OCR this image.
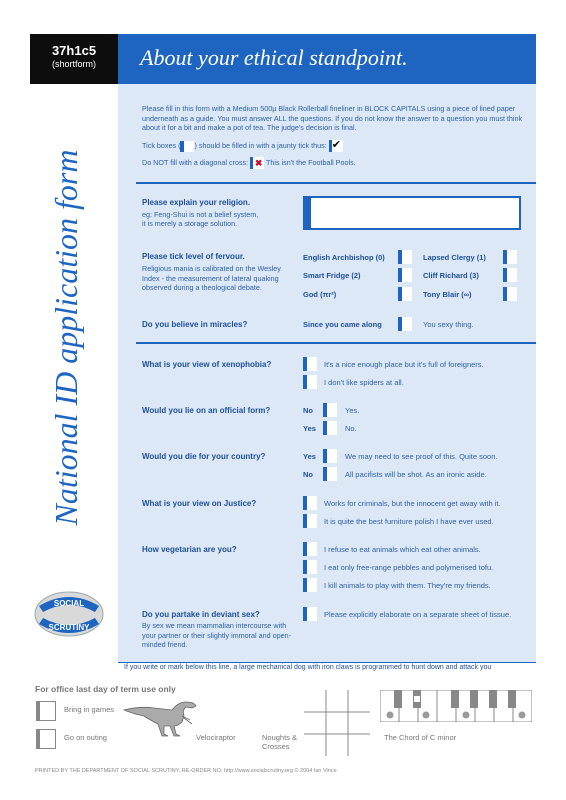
37h1c5
(shortform)	About your ethical standpoint.
National ID application form
SOCIAL
SCRUTINY
Please fill in this form with a Medium 500µ Black Rollerball fineliner in BLOCK CAPITALS using a piece of lined paper underneath as a guide. You must answer ALL the questions. If you do not know the answer to a question you must think about it for a bit and make a pot of tea. The judge's decision is final.
Tick boxes ( ) should be filled in with a jaunty tick thus: ✔
Do NOT fill with a diagonal cross: ✖ This isn't the Football Pools.
Please explain your religion.
eg: Feng-Shui is not a belief system,
it is merely a storage solution.
Please tick level of fervour.
Religious mania is calibrated on the Wesley Index - the measurement of lateral quaking observed during a theological debate.
English Archbishop (0)	Lapsed Clergy (1)
Smart Fridge (2)	Cliff Richard (3)
God (πr²)	Tony Blair (∞)
Do you believe in miracles?	Since you came along	You sexy thing.
What is your view of xenophobia?	It's a nice enough place but it's full of foreigners.
I don't like spiders at all.
Would you lie on an official form?	No	Yes.
Yes	No.
Would you die for your country?	Yes	We may need to see proof of this. Quite soon.
No	All pacifists will be shot. As an ironic aside.
What is your view on Justice?	Works for criminals, but the innocent get away with it.
It is quite the best furniture polish I have ever used.
How vegetarian are you?	I refuse to eat animals which eat other animals.
I eat only free-range pebbles and polymerised tofu.
I kill animals to play with them. They're my friends.
Do you partake in deviant sex?
By sex we mean mammalian intercourse with your partner or their slightly immoral and open-minded friend.
Please explicitly elaborate on a separate sheet of tissue.
If you write or mark below this line, a large mechanical dog with iron claws is programmed to hunt down and attack you
For office last day of term use only
Bring in games
Go on outing	Velociraptor	Noughts &
Crosses
The Chord of C minor
PRINTED BY THE DEPARTMENT OF SOCIAL SCRUTINY. RE-ORDER NO: http://www.socialscrutiny.org © 2004 Ian Vince
